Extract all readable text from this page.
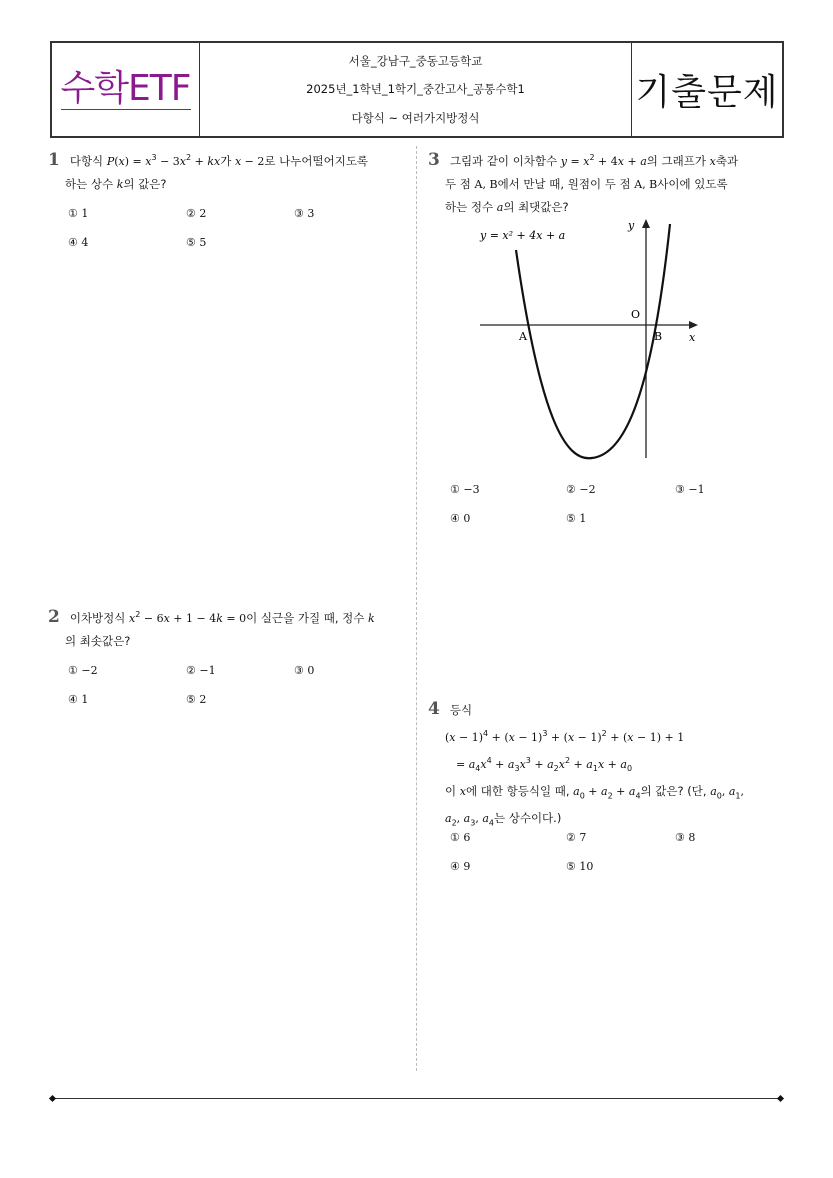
수학ETF
서울_강남구_중동고등학교
2025년_1학년_1학기_중간고사_공통수학1
다항식 ~ 여러가지방정식
기출문제
1 다항식 $P(x) = x^3 - 3x^2$ + kx가 x − 2로 나누어떨어지도록
하는 상수 k의 값은?
① 1	② 2	③ 3
④ 4	⑤ 5
2 이차방정식 $x^2 - 6x + 1 - 4k = 0$이 실근을 가질 때, 정수 k
의 최솟값은?
① −2	② −1	③ 0
④ 1	⑤ 2
3 그림과 같이 이차함수 $y = x^2 + 4x + a$의 그래프가 x축과
두 점 A, B에서 만날 때, 원점이 두 점 A, B사이에 있도록
하는 정수 a의 최댓값은?
y = x² + 4x + a
y
x
O
A	B
① −3	② −2	③ −1
④ 0	⑤ 1
4 등식
$(x - 1)^4 + (x - 1)^3 + (x - 1)^2 + (x - 1) + 1$
= $a_4x^4 + a_3x^3 + a_2x^2 + a_1x + a_0$
이 x에 대한 항등식일 때, $a_0 + a_2 + a_4$의 값은? (단, $a_0$, $a_1$,
$a_2$, $a_3$, $a_4$는 상수이다.)
① 6	② 7	③ 8
④ 9	⑤ 10
